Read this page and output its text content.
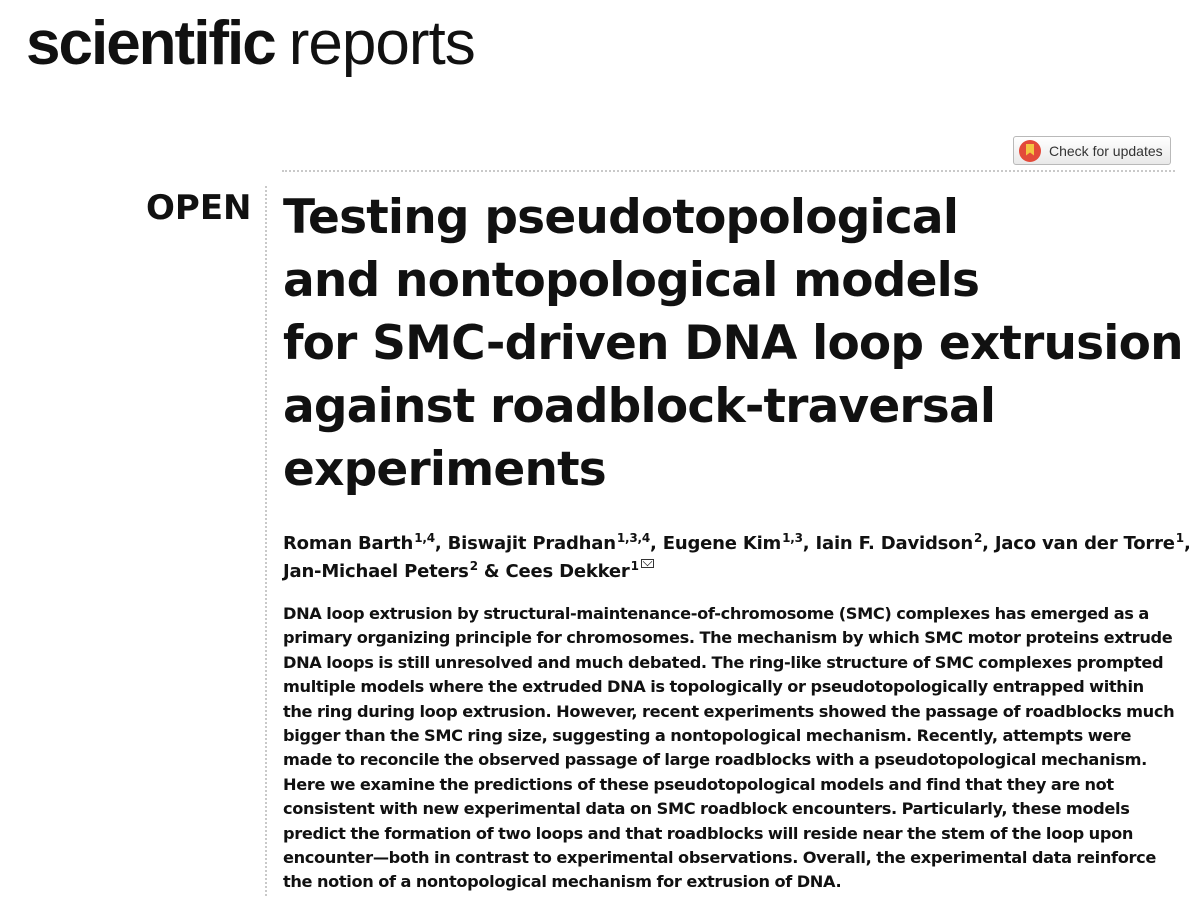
scientific reports
Check for updates
OPEN Testing pseudotopological
and nontopological models
for SMC-driven DNA loop extrusion
against roadblock-traversal
experiments
Roman Barth$^{1,4}$, Biswajit Pradhan$^{1,3,4}$, Eugene Kim$^{1,3}$, Iain F. Davidson$^2$, Jaco van der Torre$^1$,
Jan-Michael Peters$^2$ & Cees Dekker$^1$
DNA loop extrusion by structural-maintenance-of-chromosome (SMC) complexes has emerged as a
primary organizing principle for chromosomes. The mechanism by which SMC motor proteins extrude
DNA loops is still unresolved and much debated. The ring-like structure of SMC complexes prompted
multiple models where the extruded DNA is topologically or pseudotopologically entrapped within
the ring during loop extrusion. However, recent experiments showed the passage of roadblocks much
bigger than the SMC ring size, suggesting a nontopological mechanism. Recently, attempts were
made to reconcile the observed passage of large roadblocks with a pseudotopological mechanism.
Here we examine the predictions of these pseudotopological models and find that they are not
consistent with new experimental data on SMC roadblock encounters. Particularly, these models
predict the formation of two loops and that roadblocks will reside near the stem of the loop upon
encounter—both in contrast to experimental observations. Overall, the experimental data reinforce
the notion of a nontopological mechanism for extrusion of DNA.
